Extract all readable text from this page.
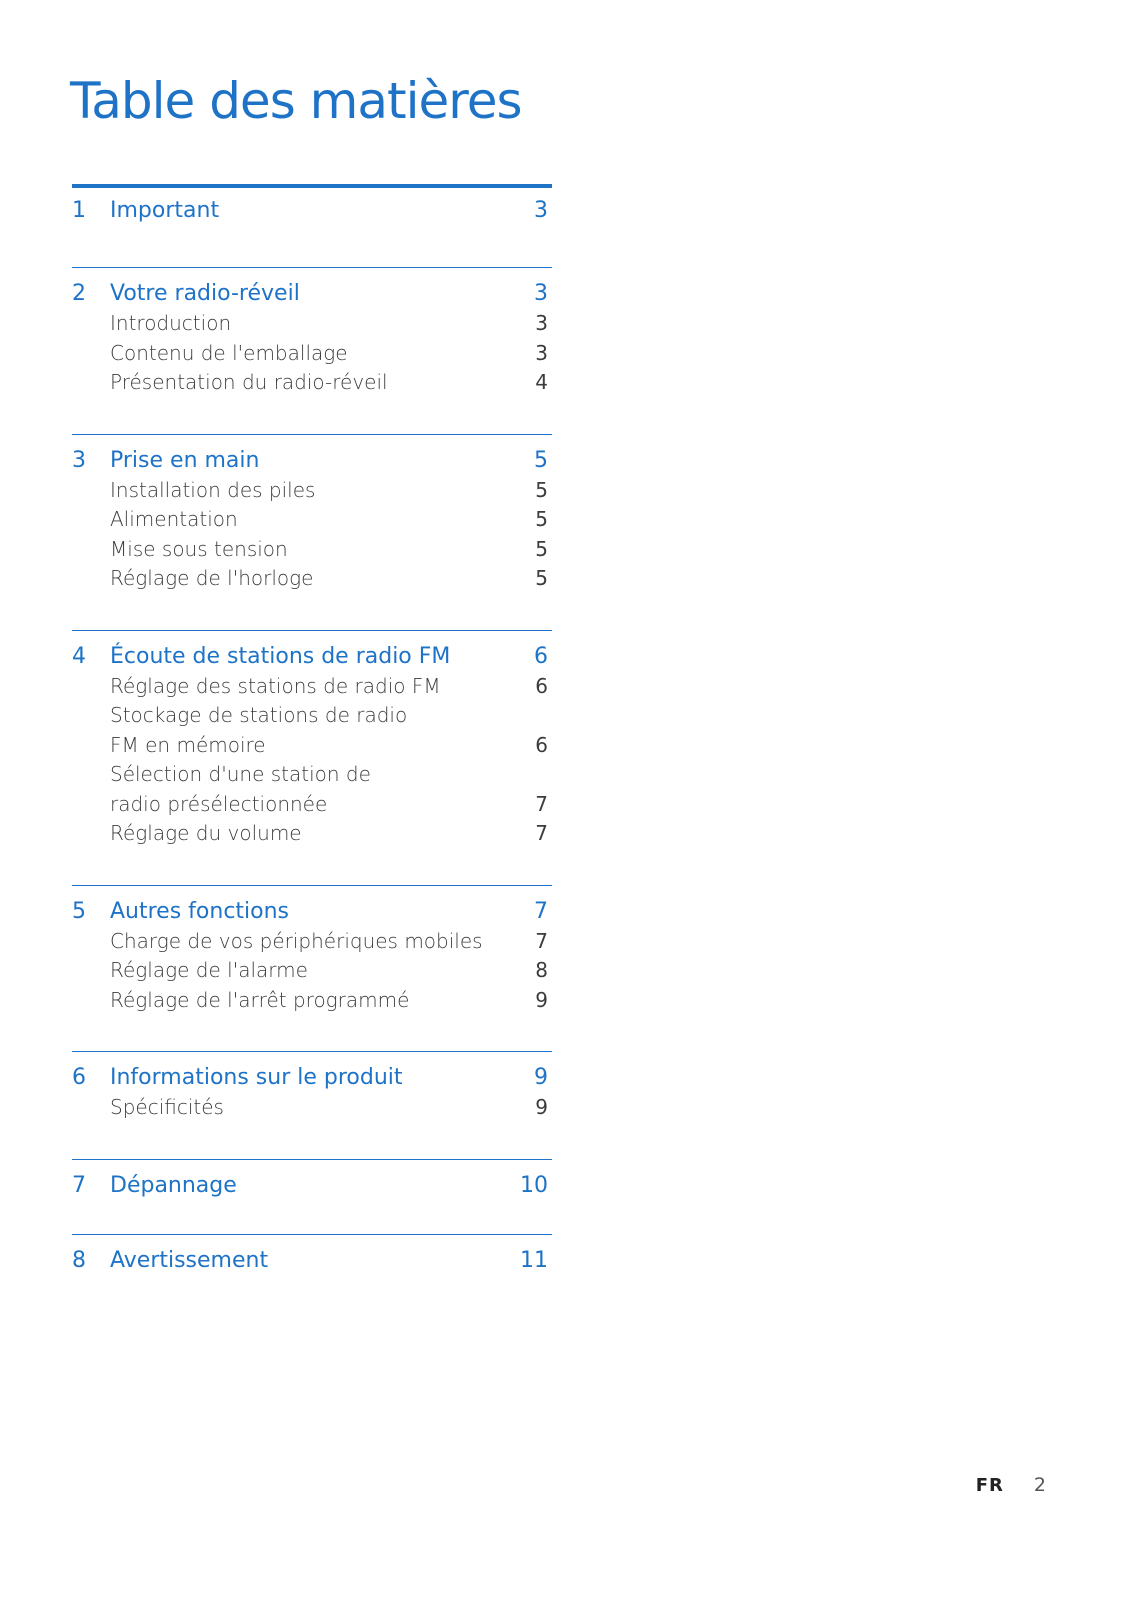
Table des matières
1	Important	3
2	Votre radio-réveil	3
Introduction	3
Contenu de l'emballage	3
Présentation du radio-réveil	4
3	Prise en main	5
Installation des piles	5
Alimentation	5
Mise sous tension	5
Réglage de l'horloge	5
4	Écoute de stations de radio FM	6
Réglage des stations de radio FM	6
Stockage de stations de radio FM en mémoire	6
Sélection d'une station de radio présélectionnée	7
Réglage du volume	7
5	Autres fonctions	7
Charge de vos périphériques mobiles	7
Réglage de l'alarme	8
Réglage de l'arrêt programmé	9
6	Informations sur le produit	9
Spécificités	9
7	Dépannage	10
8	Avertissement	11
FR 2
